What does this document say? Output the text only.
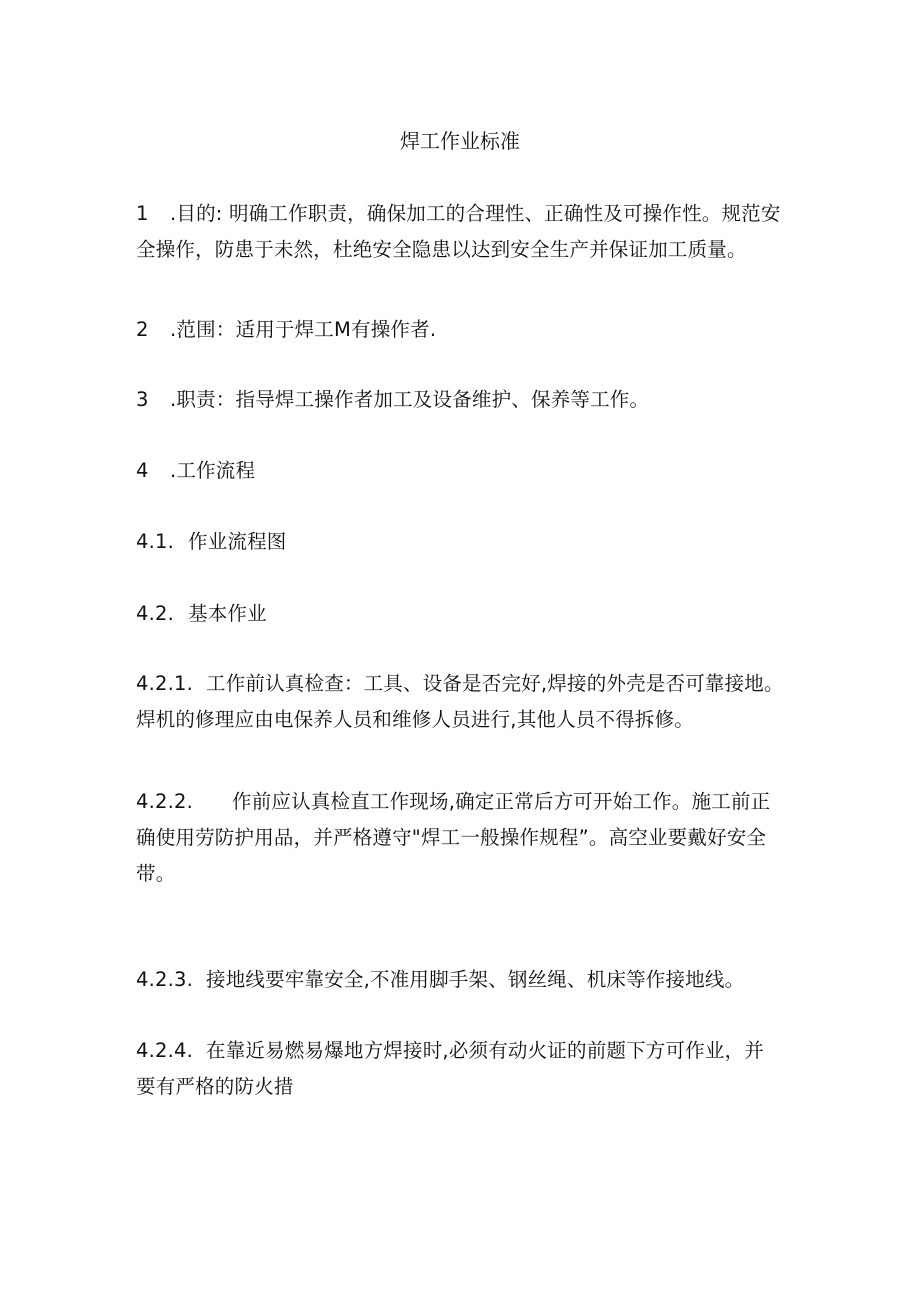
焊工作业标准
1 .目的: 明确工作职责，确保加工的合理性、正确性及可操作性。规范安
全操作，防患于未然，杜绝安全隐患以达到安全生产并保证加工质量。
2 .范围：适用于焊工M有操作者.
3 .职责：指导焊工操作者加工及设备维护、保养等工作。
4 .工作流程
4.1. 作业流程图
4.2. 基本作业
4.2.1. 工作前认真检查：工具、设备是否完好,焊接的外壳是否可靠接地。
焊机的修理应由电保养人员和维修人员进行,其他人员不得拆修。
4.2.2. 作前应认真检直工作现场,确定正常后方可开始工作。施工前正
确使用劳防护用品，并严格遵守"焊工一般操作规程”。高空业要戴好安全
带。
4.2.3. 接地线要牢靠安全,不准用脚手架、钢丝绳、机床等作接地线。
4.2.4. 在靠近易燃易爆地方焊接时,必须有动火证的前题下方可作业，并
要有严格的防火措
